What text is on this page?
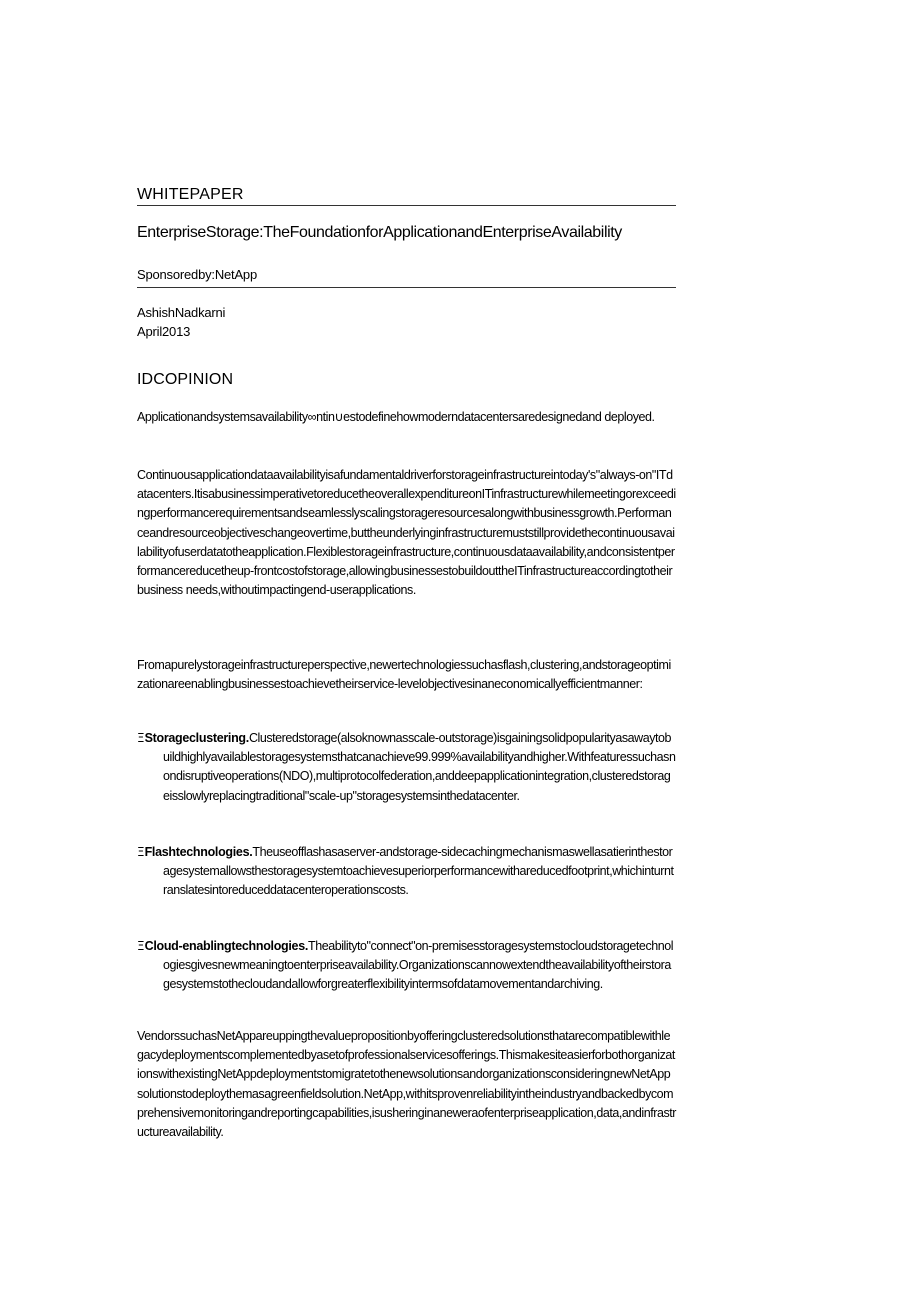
WHITEPAPER
EnterpriseStorage:TheFoundationforApplicationandEnterpriseAvailability
Sponsoredby:NetApp
AshishNadkarni
April2013
IDCOPINION

Applicationandsystemsavailability∞ntin∪estodefinehowmoderndatacentersaredesignedand deployed.

Continuousapplicationdataavailabilityisafundamentaldriverforstorageinfrastructureintoday's"always-on"ITdatacenters.ItisabusinessimperativetoreducetheoverallexpenditureonITinfrastructurewhilemeetingorexceedingperformancerequirementsandseamlesslyscalingstorageresourcesalongwithbusinessgrowth.Performanceandresourceobjectiveschangeovertime,buttheunderlyinginfrastructuremuststillprovidethecontinuousavailabilityofuserdatatotheapplication.Flexiblestorageinfrastructure,continuousdataavailability,andconsistentperformancereducetheup-frontcostofstorage,allowingbusinessestobuildouttheITinfrastructureaccordingtotheirbusiness needs,withoutimpactingend-userapplications.

Fromapurelystorageinfrastructureperspective,newertechnologiessuchasflash,clustering,andstorageoptimizationareenablingbusinessestoachievetheirservice-levelobjectivesinaneconomicallyefficientmanner:

ΞStorageclustering.Clusteredstorage(alsoknownasscale-outstorage)isgainingsolidpopularityasawaytobuildhighlyavailablestoragesystemsthatcanachieve99.999%availabilityandhigher.Withfeaturessuchasnondisruptiveoperations(NDO),multiprotocolfederation,anddeepapplicationintegration,clusteredstorageisslowlyreplacingtraditional"scale-up"storagesystemsinthedatacenter.
ΞFlashtechnologies.Theuseofflashasaserver-andstorage-sidecachingmechanismaswellasatierinthestoragesystemallowsthestoragesystemtoachievesuperiorperformancewithareducedfootprint,whichinturntranslatesintoreduceddatacenteroperationscosts.
ΞCloud-enablingtechnologies.Theabilityto"connect"on-premisesstoragesystemstocloudstoragetechnologiesgivesnewmeaningtoenterpriseavailability.Organizationscannowextendtheavailabilityoftheirstoragesystemstothecloudandallowforgreaterflexibilityintermsofdatamovementandarchiving.

VendorssuchasNetAppareuppingthevaluepropositionbyofferingclusteredsolutionsthatarecompatiblewithlegacydeploymentscomplementedbyasetofprofessionalservicesofferings.ThismakesiteasierforbothorganizationswithexistingNetAppdeploymentstomigratetothenewsolutionsandorganizationsconsideringnewNetAppsolutionstodeploythemasagreenfieldsolution.NetApp,withitsprovenreliabilityintheindustryandbackedbycomprehensivemonitoringandreportingcapabilities,isusheringinaneweraofenterpriseapplication,data,andinfrastructureavailability.
